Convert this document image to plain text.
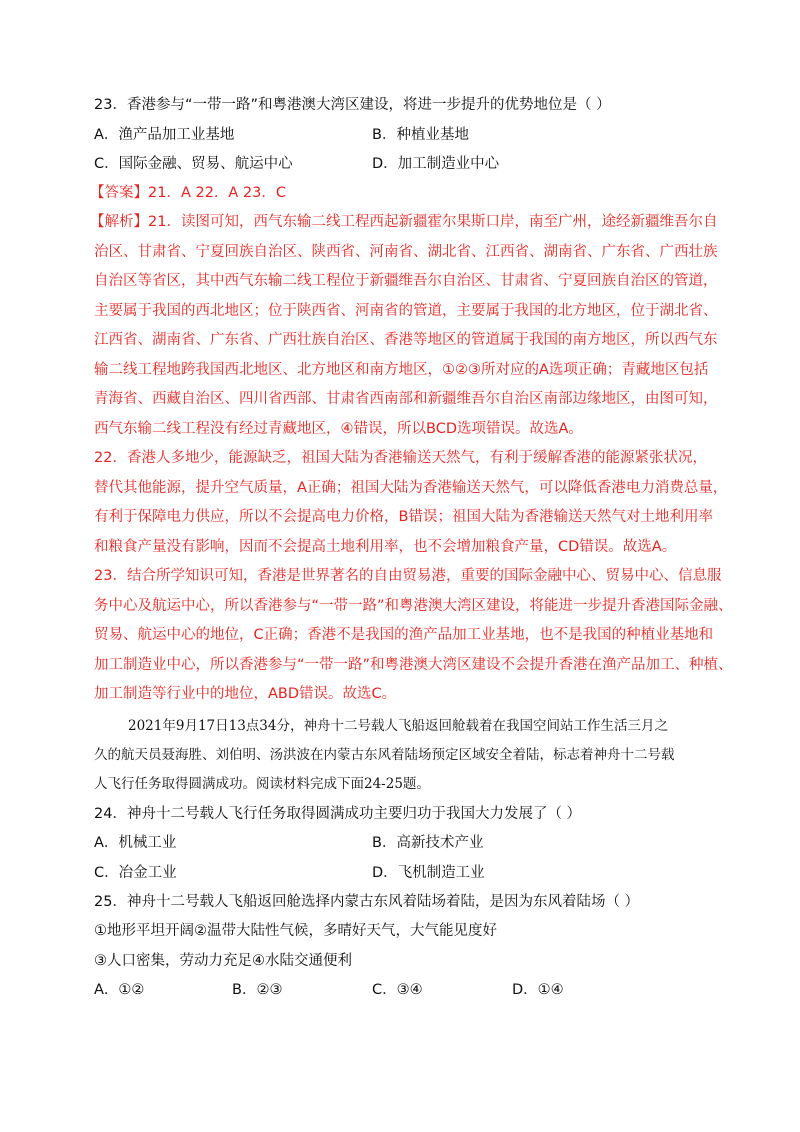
23．香港参与“一带一路”和粤港澳大湾区建设，将进一步提升的优势地位是（ ）
A．渔产品加工业基地	B．种植业基地
C．国际金融、贸易、航运中心	D．加工制造业中心
【答案】21．A 22．A 23．C
【解析】21．读图可知，西气东输二线工程西起新疆霍尔果斯口岸，南至广州，途经新疆维吾尔自
治区、甘肃省、宁夏回族自治区、陕西省、河南省、湖北省、江西省、湖南省、广东省、广西壮族
自治区等省区，其中西气东输二线工程位于新疆维吾尔自治区、甘肃省、宁夏回族自治区的管道，
主要属于我国的西北地区；位于陕西省、河南省的管道，主要属于我国的北方地区，位于湖北省、
江西省、湖南省、广东省、广西壮族自治区、香港等地区的管道属于我国的南方地区，所以西气东
输二线工程地跨我国西北地区、北方地区和南方地区，①②③所对应的A选项正确；青藏地区包括
青海省、西藏自治区、四川省西部、甘肃省西南部和新疆维吾尔自治区南部边缘地区，由图可知，
西气东输二线工程没有经过青藏地区，④错误，所以BCD选项错误。故选A。
22．香港人多地少，能源缺乏，祖国大陆为香港输送天然气，有利于缓解香港的能源紧张状况，
替代其他能源，提升空气质量，A正确；祖国大陆为香港输送天然气，可以降低香港电力消费总量，
有利于保障电力供应，所以不会提高电力价格，B错误；祖国大陆为香港输送天然气对土地利用率
和粮食产量没有影响，因而不会提高土地利用率，也不会增加粮食产量，CD错误。故选A。
23．结合所学知识可知，香港是世界著名的自由贸易港，重要的国际金融中心、贸易中心、信息服
务中心及航运中心，所以香港参与“一带一路”和粤港澳大湾区建设，将能进一步提升香港国际金融、
贸易、航运中心的地位，C正确；香港不是我国的渔产品加工业基地，也不是我国的种植业基地和
加工制造业中心，所以香港参与“一带一路”和粤港澳大湾区建设不会提升香港在渔产品加工、种植、
加工制造等行业中的地位，ABD错误。故选C。
2021年9月17日13点34分，神舟十二号载人飞船返回舱载着在我国空间站工作生活三月之
久的航天员聂海胜、刘伯明、汤洪波在内蒙古东风着陆场预定区域安全着陆，标志着神舟十二号载
人飞行任务取得圆满成功。阅读材料完成下面24-25题。
24．神舟十二号载人飞行任务取得圆满成功主要归功于我国大力发展了（ ）
A．机械工业	B．高新技术产业
C．冶金工业	D．飞机制造工业
25．神舟十二号载人飞船返回舱选择内蒙古东风着陆场着陆，是因为东风着陆场（ ）
①地形平坦开阔②温带大陆性气候，多晴好天气，大气能见度好
③人口密集，劳动力充足④水陆交通便利
A．①②	B．②③	C．③④	D．①④
